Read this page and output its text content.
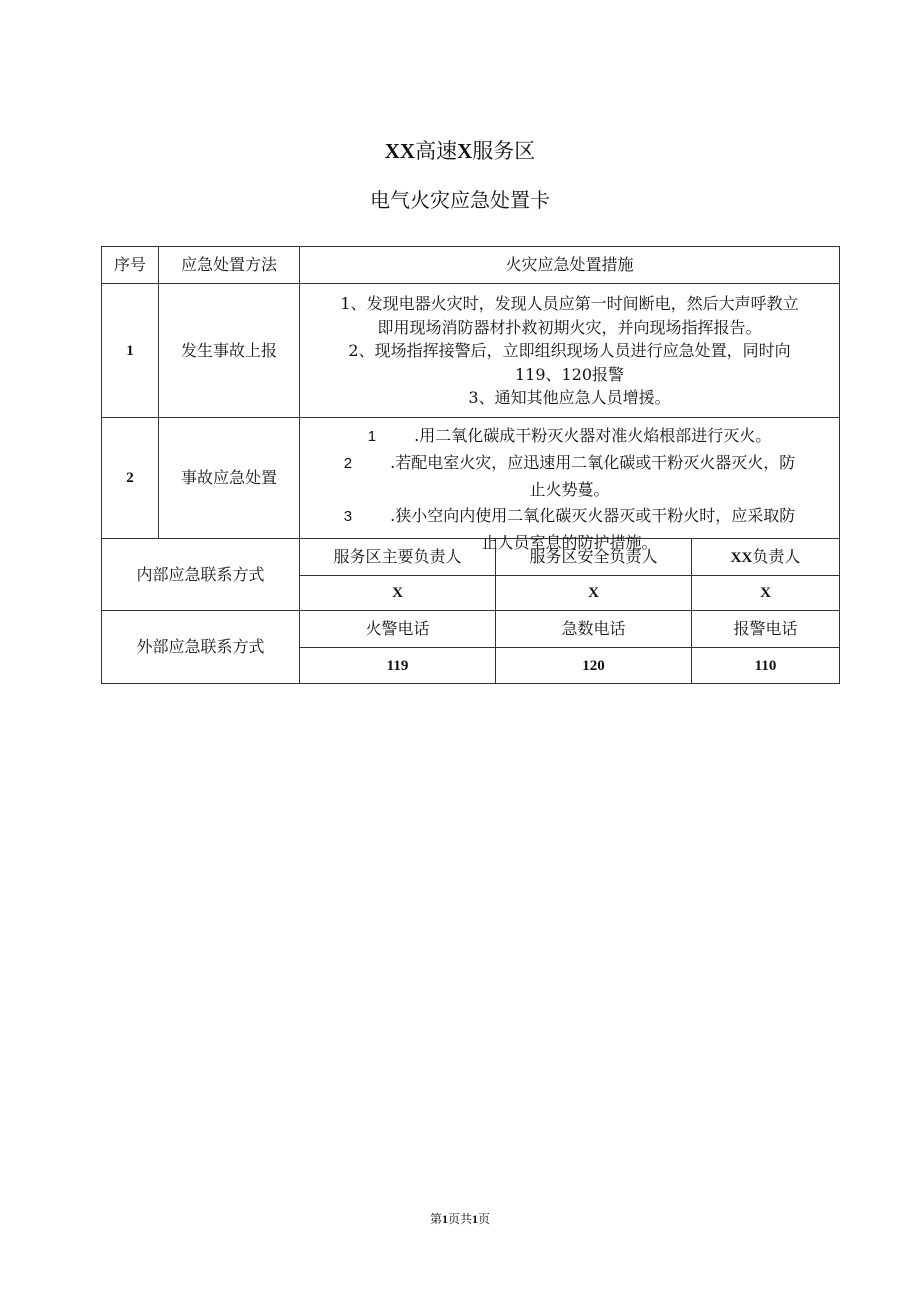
XX高速X服务区
电气火灾应急处置卡
序号	应急处置方法	火灾应急处置措施		
1	发生事故上报	1、发现电器火灾时，发现人员应第一时间断电，然后大声呼教立
即用现场消防器材扑救初期火灾，并向现场指挥报告。
2、现场指挥接警后，立即组织现场人员进行应急处置，同时向
119、120报警
3、通知其他应急人员增援。		

2	事故应急处置	1 .用二氧化碳成干粉灭火器对准火焰根部进行灭火。
2 .若配电室火灾，应迅速用二氧化碳或干粉灭火器灭火，防
止火势蔓。
3 .狭小空向内使用二氧化碳灭火器灭或干粉火时，应采取防
止人员室息的防护措施。		

内部应急联系方式		服务区主要负责人	服务区安全负责人	XX负责人
		X	X	X
外部应急联系方式		火警电话	急数电话	报警电话
		119	120	110
第1页共1页
